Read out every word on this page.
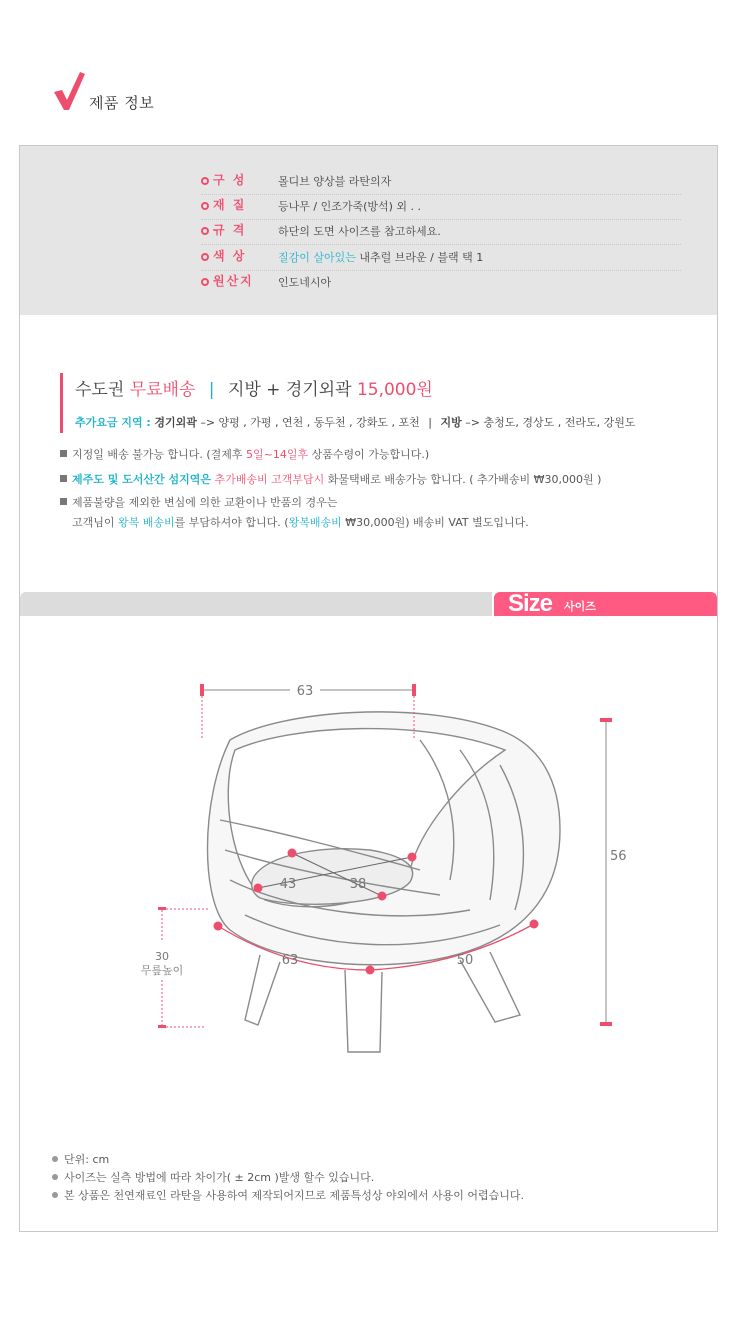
제품 정보
구 성	몰디브 양상블 라탄의자
재 질	등나무 / 인조가죽(방석) 외 . .
규 격	하단의 도면 사이즈를 참고하세요.
색 상	질감이 살아있는 내추럴 브라운 / 블랙 택 1
원산지 인도네시아
수도권 무료배송 | 지방 + 경기외곽 15,000원
추가요금 지역 : 경기외곽 –> 양평 , 가평 , 연천 , 동두천 , 강화도 , 포천 | 지방 –> 충청도, 경상도 , 전라도, 강원도
지정일 배송 불가능 합니다. (결제후 5일~14일후 상품수령이 가능합니다.)
제주도 및 도서산간 섬지역은 추가배송비 고객부담시 화물택배로 배송가능 합니다. ( 추가배송비 ₩30,000원 )
제품불량을 제외한 변심에 의한 교환이나 반품의 경우는
고객님이 왕복 배송비를 부담하셔야 합니다. (왕복배송비 ₩30,000원) 배송비 VAT 별도입니다.
Size 사이즈
63
56
43	38
63	50
30
무릎높이
단위: cm
사이즈는 실측 방법에 따라 차이가( ± 2cm )발생 할수 있습니다.
본 상품은 천연재료인 라탄을 사용하여 제작되어지므로 제품특성상 야외에서 사용이 어렵습니다.
